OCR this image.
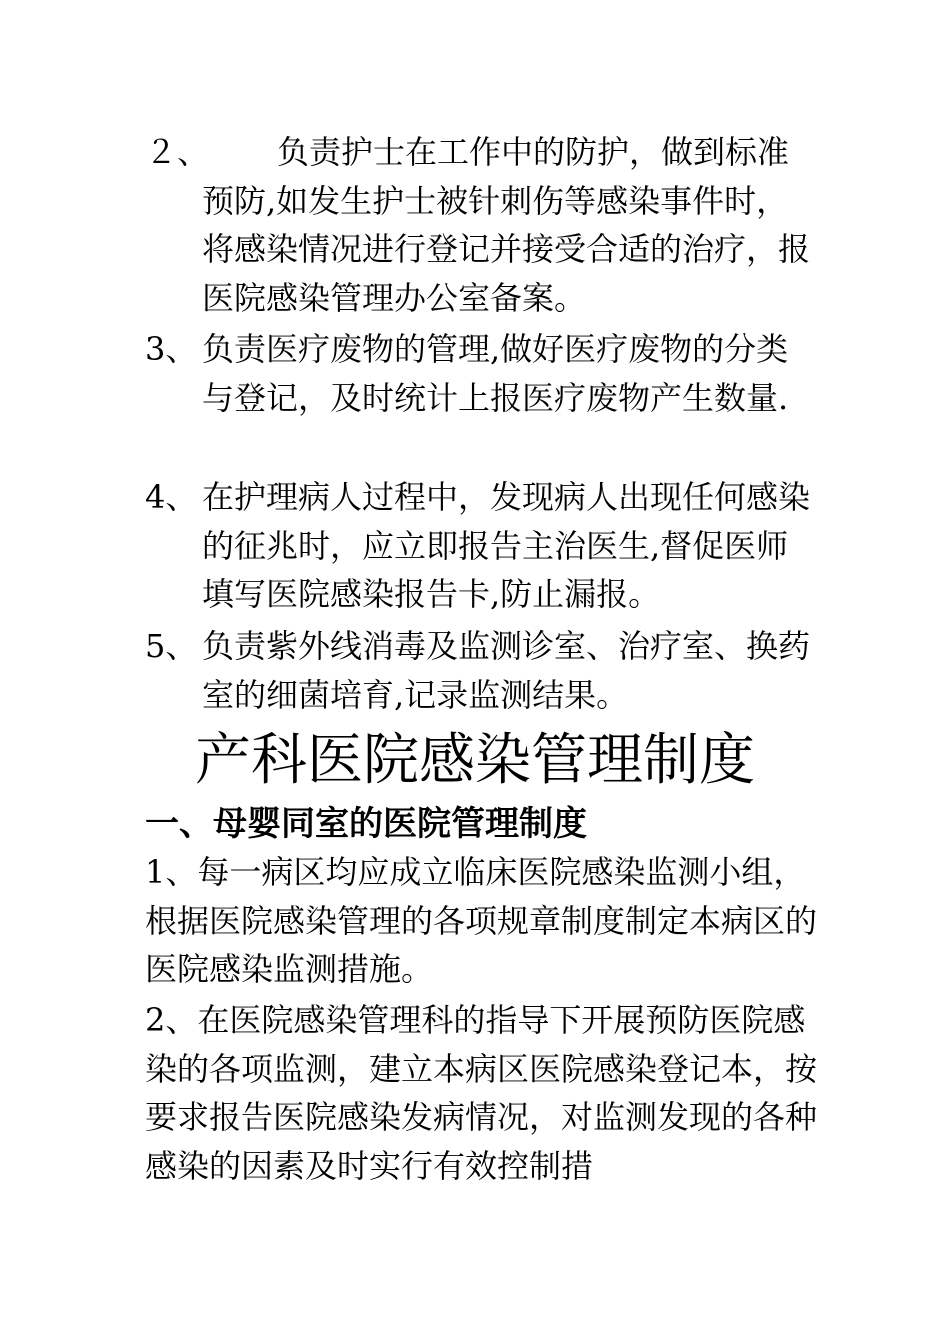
２、	负责护士在工作中的防护，做到标准预防,如发生护士被针刺伤等感染事件时，将感染情况进行登记并接受合适的治疗，报医院感染管理办公室备案。
3、 负责医疗废物的管理,做好医疗废物的分类与登记，及时统计上报医疗废物产生数量.
4、 在护理病人过程中，发现病人出现任何感染的征兆时，应立即报告主治医生,督促医师填写医院感染报告卡,防止漏报。
5、 负责紫外线消毒及监测诊室、治疗室、换药室的细菌培育,记录监测结果。
产科医院感染管理制度
一、母婴同室的医院管理制度
1、每一病区均应成立临床医院感染监测小组，根据医院感染管理的各项规章制度制定本病区的医院感染监测措施。
2、在医院感染管理科的指导下开展预防医院感染的各项监测，建立本病区医院感染登记本，按要求报告医院感染发病情况，对监测发现的各种感染的因素及时实行有效控制措
